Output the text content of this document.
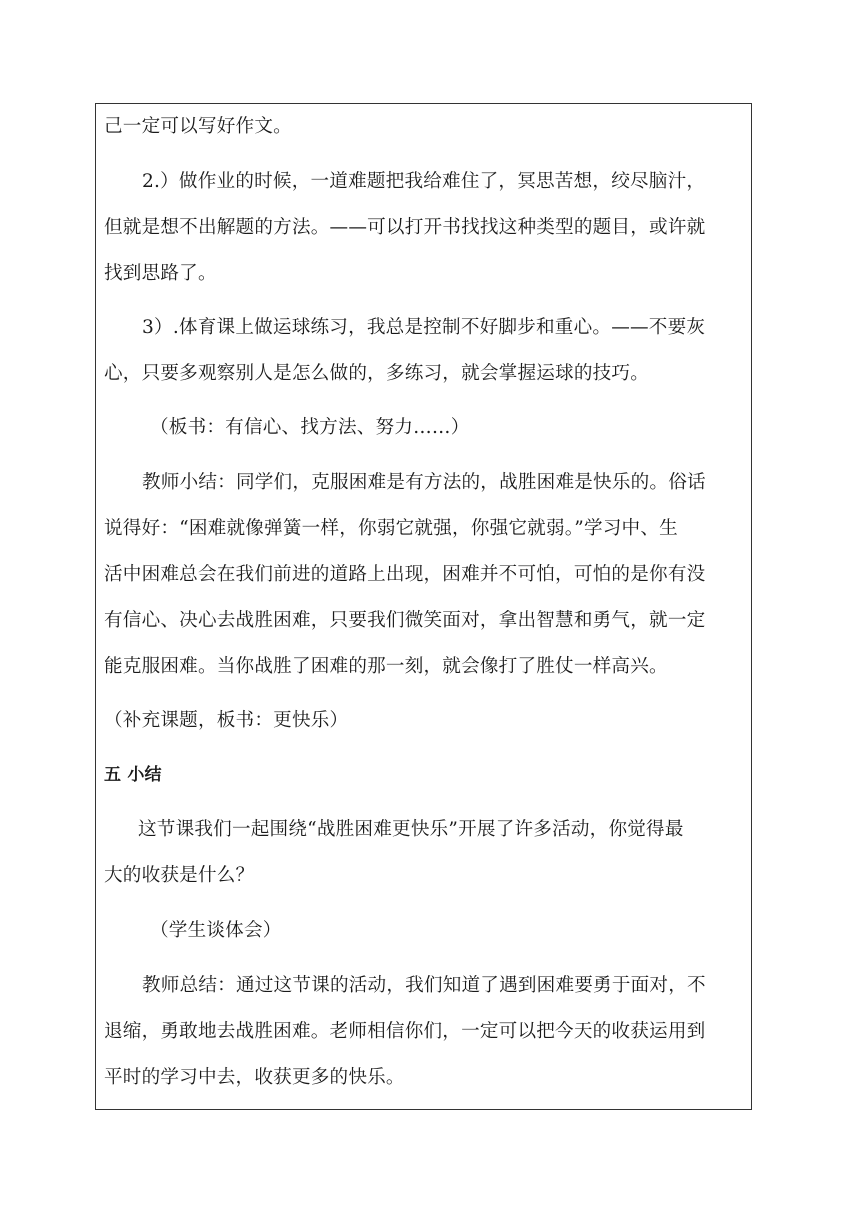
己一定可以写好作文。
2.）做作业的时候，一道难题把我给难住了，冥思苦想，绞尽脑汁，
但就是想不出解题的方法。——可以打开书找找这种类型的题目，或许就
找到思路了。
3）.体育课上做运球练习，我总是控制不好脚步和重心。——不要灰
心，只要多观察别人是怎么做的，多练习，就会掌握运球的技巧。
（板书：有信心、找方法、努力……）
教师小结：同学们，克服困难是有方法的，战胜困难是快乐的。俗话
说得好：“困难就像弹簧一样，你弱它就强，你强它就弱。”学习中、生
活中困难总会在我们前进的道路上出现，困难并不可怕，可怕的是你有没
有信心、决心去战胜困难，只要我们微笑面对，拿出智慧和勇气，就一定
能克服困难。当你战胜了困难的那一刻，就会像打了胜仗一样高兴。
（补充课题，板书：更快乐）
五 小结
这节课我们一起围绕“战胜困难更快乐”开展了许多活动，你觉得最
大的收获是什么？
（学生谈体会）
教师总结：通过这节课的活动，我们知道了遇到困难要勇于面对，不
退缩，勇敢地去战胜困难。老师相信你们，一定可以把今天的收获运用到
平时的学习中去，收获更多的快乐。
